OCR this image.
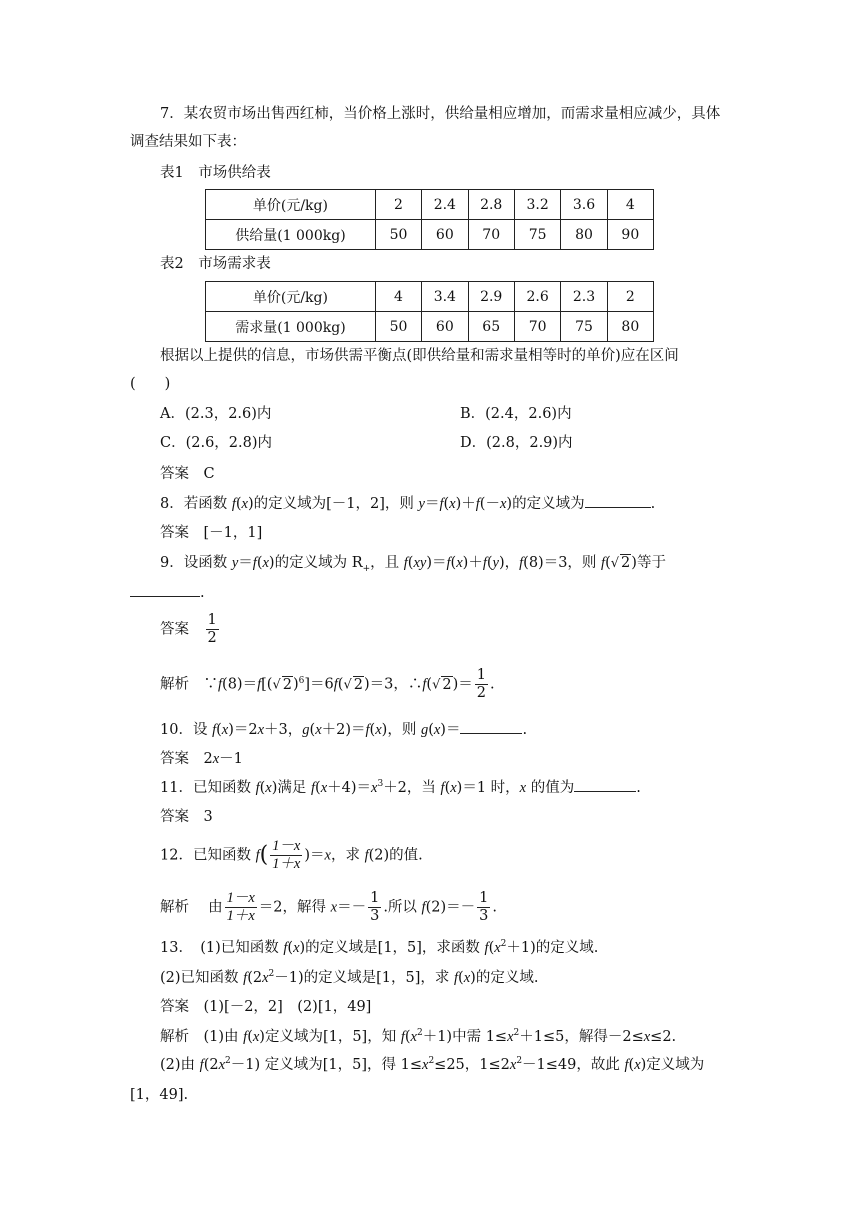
7．某农贸市场出售西红柿，当价格上涨时，供给量相应增加，而需求量相应减少，具体
调查结果如下表：
表1　市场供给表
单价(元/kg)	2	2.4	2.8	3.2	3.6	4
供给量(1 000kg)	50	60	70	75	80	90
表2　市场需求表
单价(元/kg)	4	3.4	2.9	2.6	2.3	2
需求量(1 000kg)	50	60	65	70	75	80
根据以上提供的信息，市场供需平衡点(即供给量和需求量相等时的单价)应在区间
(　　)
A．(2.3，2.6)内	B．(2.4，2.6)内
C．(2.6，2.8)内	D．(2.8，2.9)内
答案　 C
8．若函数 f(x)的定义域为[－1，2]，则 y＝f(x)＋f(－x)的定义域为	.
答案　 [－1，1]
9．设函数 y＝f(x)的定义域为 $R_+$，且 f(xy)＝f(x)＋f(y)，f(8)＝3，则 f(√ 2)等于
.
答案　 $\frac{1}{2}$
解析　 ∵f(8)＝f[(√ 2)$^6$]＝6f(√ 2)＝3，∴f(√ $2)= \frac{1}{2}$ .
10．设 f(x)＝2x＋3，g(x＋2)＝f(x)，则 g(x)＝	.
答案　 2x－1
11．已知函数 f(x)满足 $f(x+4)=x^3+2$，当 f(x)＝1 时，x 的值为	.
答案　 3
12．已知函数 $f( \frac{1-x}{1+x} )=x$，求 f(2)的值.
解析　 由 $\frac{1-x}{1+x} =2$，解得 $x=- \frac{1}{3}$ .所以 $f(2)=- \frac{1}{3}$ .
13．　(1)已知函数 f(x)的定义域是[1，5]，求函数 $f(x^2+1)$的定义域.
(2)已知函数 $f(2x^2-1)$的定义域是[1，5]，求 f(x)的定义域.
答案　 (1)[－2，2]　(2)[1，49]
解析　 (1)由 f(x)定义域为[1，5]，知 $f(x^2+1)$中需 $1\le x^2+1\le 5$，解得－2≤x≤2.
(2)由 $f(2x^2-1)$ 定义域为[1，5]，得 $1\le x^2\le 25$，$1\le 2x^2-1\le 49$，故此 f(x)定义域为
[1，49].
